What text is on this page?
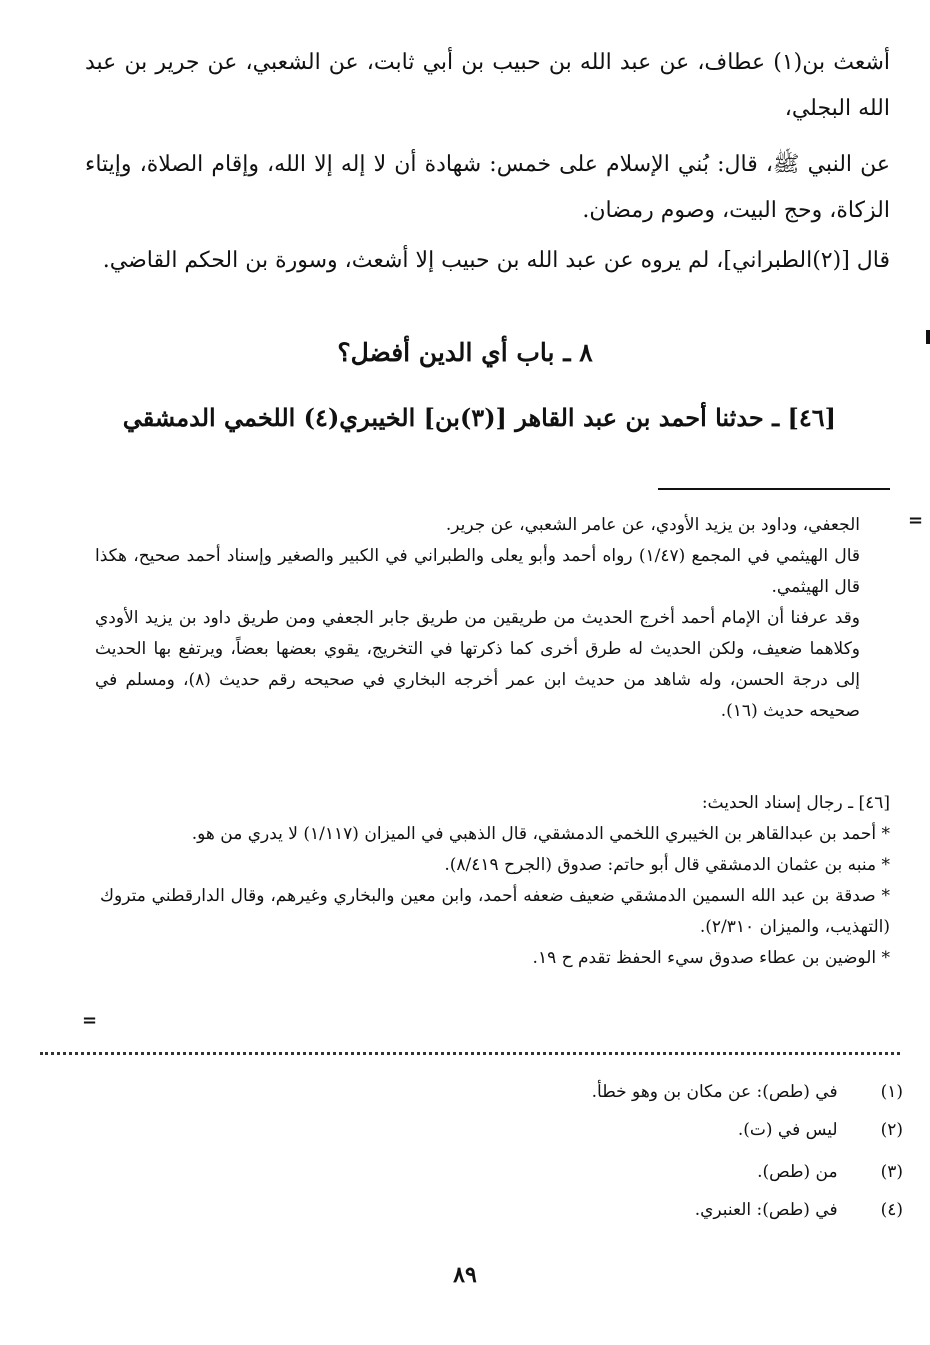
أشعث بن(١) عطاف، عن عبد الله بن حبيب بن أبي ثابت، عن الشعبي، عن جرير بن عبد الله البجلي،

عن النبي ﷺ، قال: بُني الإسلام على خمس: شهادة أن لا إله إلا الله، وإقام الصلاة، وإيتاء الزكاة، وحج البيت، وصوم رمضان.

قال [(٢)الطبراني]، لم يروه عن عبد الله بن حبيب إلا أشعث، وسورة بن الحكم القاضي.

٨ ـ باب أي الدين أفضل؟
[٤٦] ـ حدثنا أحمد بن عبد القاهر [(٣)بن] الخيبري(٤) اللخمي الدمشقي
=

الجعفي، وداود بن يزيد الأودي، عن عامر الشعبي، عن جرير.

قال الهيثمي في المجمع (١/٤٧) رواه أحمد وأبو يعلى والطبراني في الكبير والصغير وإسناد أحمد صحيح، هكذا قال الهيثمي.

وقد عرفنا أن الإمام أحمد أخرج الحديث من طريقين من طريق جابر الجعفي ومن طريق داود بن يزيد الأودي وكلاهما ضعيف، ولكن الحديث له طرق أخرى كما ذكرتها في التخريج، يقوي بعضها بعضاً، ويرتفع بها الحديث إلى درجة الحسن، وله شاهد من حديث ابن عمر أخرجه البخاري في صحيحه رقم حديث (٨)، ومسلم في صحيحه حديث (١٦).

[٤٦] ـ رجال إسناد الحديث:

* أحمد بن عبدالقاهر بن الخيبري اللخمي الدمشقي، قال الذهبي في الميزان (١/١١٧) لا يدري من هو.

* منبه بن عثمان الدمشقي قال أبو حاتم: صدوق (الجرح ٨/٤١٩).

* صدقة بن عبد الله السمين الدمشقي ضعيف ضعفه أحمد، وابن معين والبخاري وغيرهم، وقال الدارقطني متروك (التهذيب، والميزان ٢/٣١٠).

* الوضين بن عطاء صدوق سيء الحفظ تقدم ح ١٩.

=
(١) في (طص): عن مكان بن وهو خطأ.
(٢) ليس في (ت).
(٣) من (طص).
(٤) في (طص): العنبري.
٨٩
